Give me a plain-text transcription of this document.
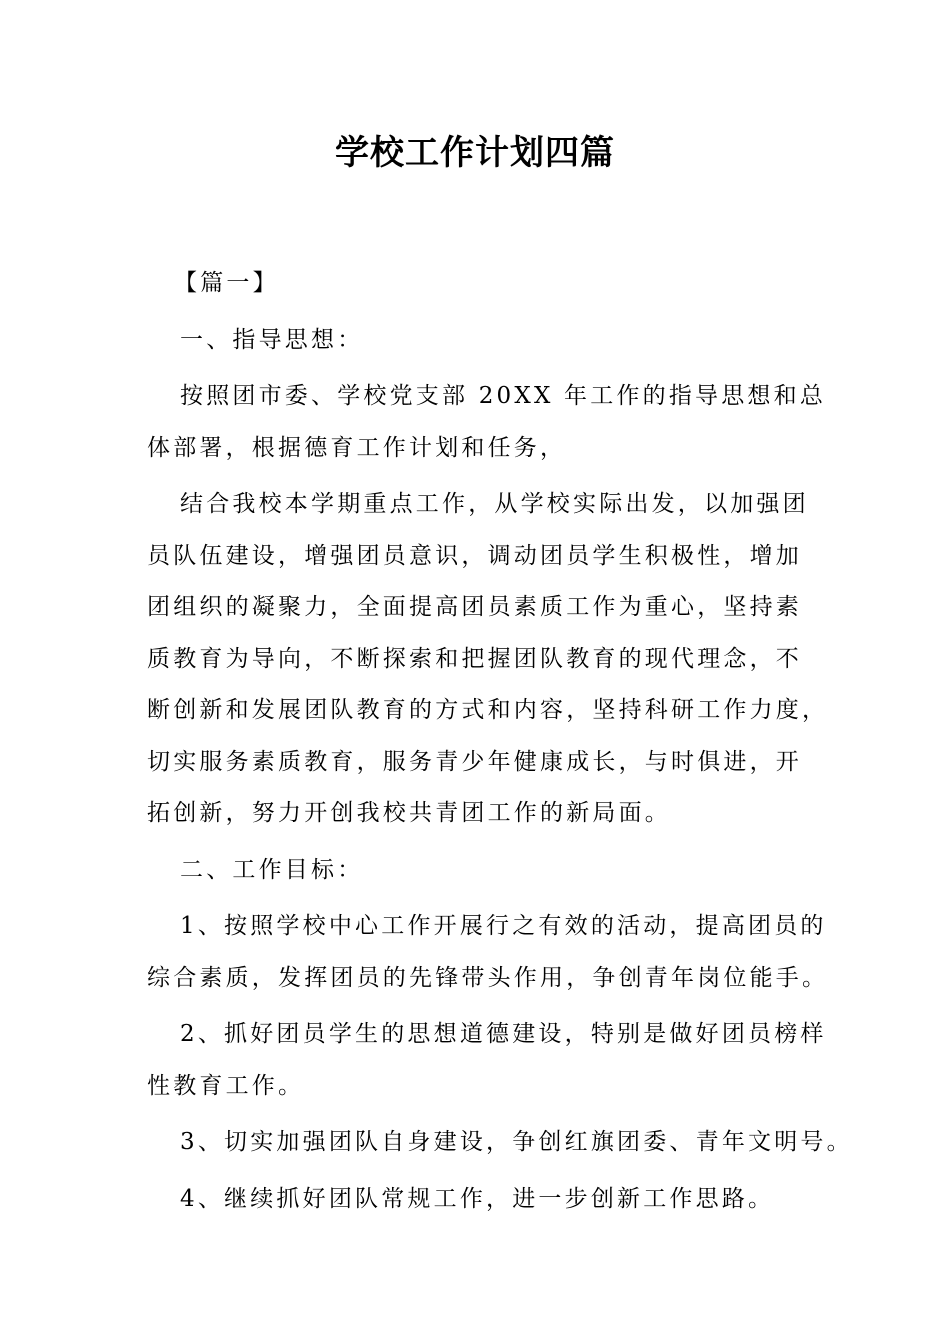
学校工作计划四篇
【篇一】
一、指导思想：
按照团市委、学校党支部 20XX 年工作的指导思想和总
体部署，根据德育工作计划和任务，
结合我校本学期重点工作，从学校实际出发，以加强团
员队伍建设，增强团员意识，调动团员学生积极性，增加
团组织的凝聚力，全面提高团员素质工作为重心，坚持素
质教育为导向，不断探索和把握团队教育的现代理念，不
断创新和发展团队教育的方式和内容，坚持科研工作力度，
切实服务素质教育，服务青少年健康成长，与时俱进，开
拓创新，努力开创我校共青团工作的新局面。
二、工作目标：
1、按照学校中心工作开展行之有效的活动，提高团员的
综合素质，发挥团员的先锋带头作用，争创青年岗位能手。
2、抓好团员学生的思想道德建设，特别是做好团员榜样
性教育工作。
3、切实加强团队自身建设，争创红旗团委、青年文明号。
4、继续抓好团队常规工作，进一步创新工作思路。
